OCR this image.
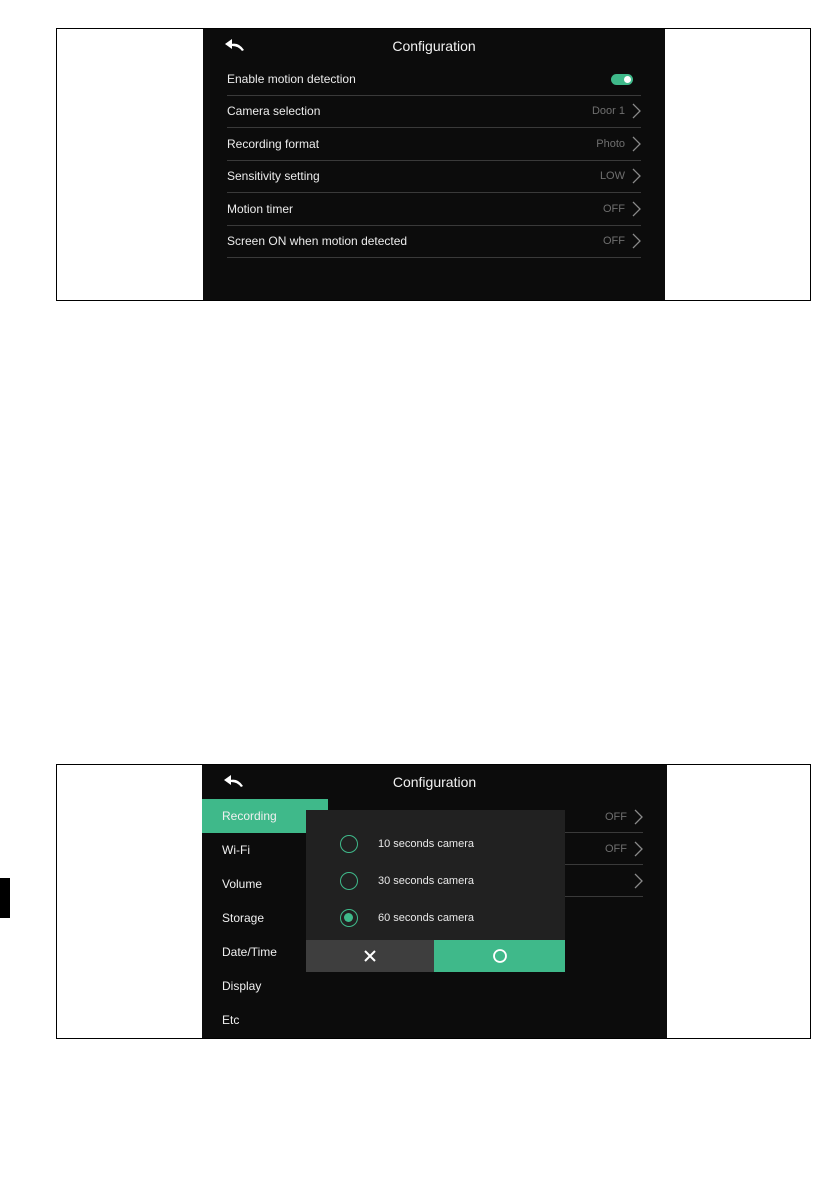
Configuration
Enable motion detection
Camera selection	Door 1
Recording format	Photo
Sensitivity setting	LOW
Motion timer	OFF
Screen ON when motion detected	OFF
Configuration
Recording
Wi-Fi
Volume
Storage
Date/Time
Display
Etc
OFF
OFF
10 seconds camera
30 seconds camera
60 seconds camera
